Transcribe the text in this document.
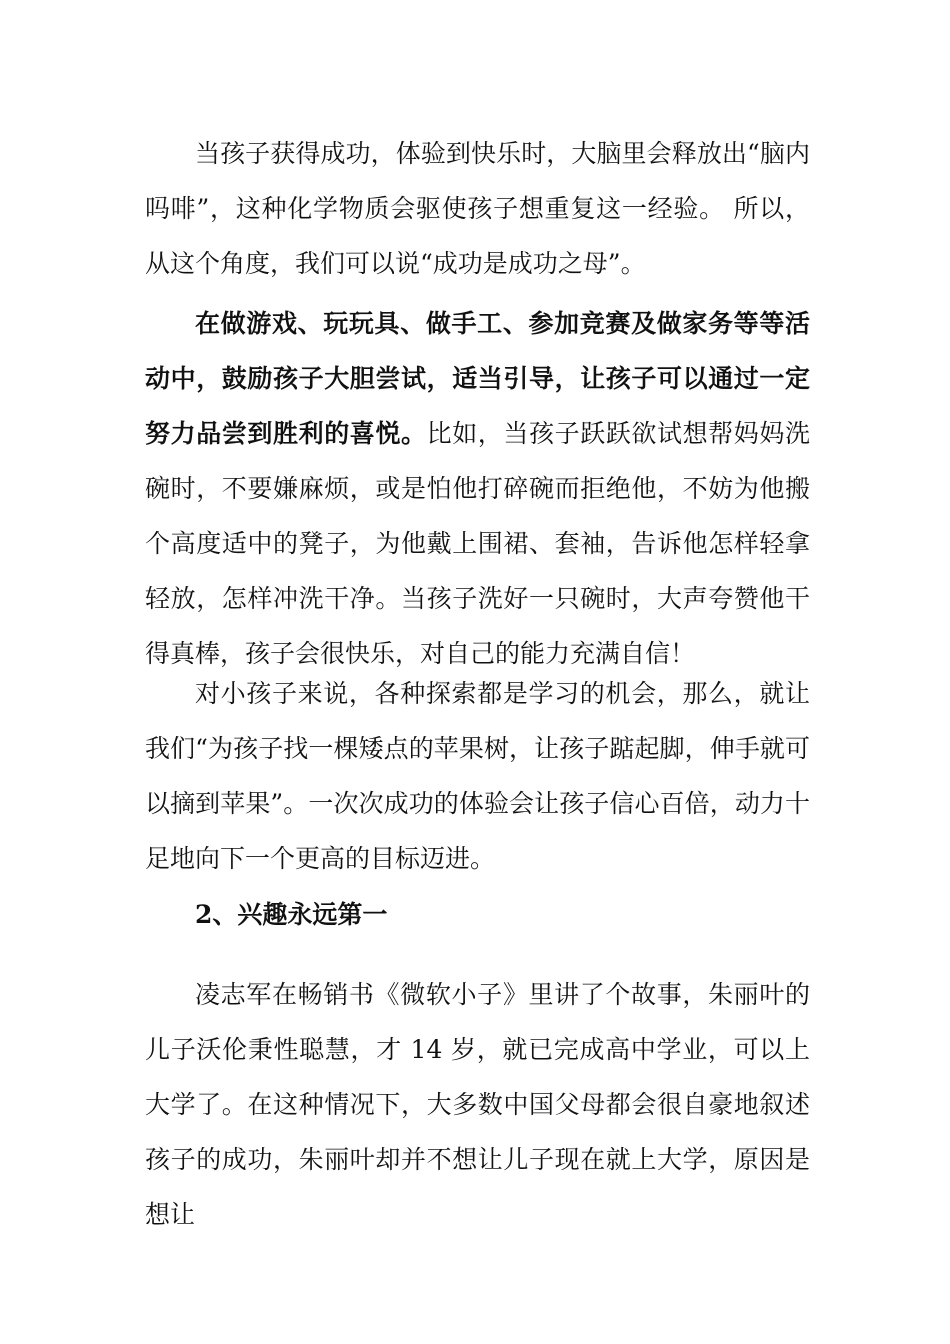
当孩子获得成功，体验到快乐时，大脑里会释放出“脑内吗啡”，这种化学物质会驱使孩子想重复这一经验。 所以，从这个角度，我们可以说“成功是成功之母”。

在做游戏、玩玩具、做手工、参加竞赛及做家务等等活动中，鼓励孩子大胆尝试，适当引导，让孩子可以通过一定努力品尝到胜利的喜悦。比如，当孩子跃跃欲试想帮妈妈洗碗时，不要嫌麻烦，或是怕他打碎碗而拒绝他，不妨为他搬个高度适中的凳子，为他戴上围裙、套袖，告诉他怎样轻拿轻放，怎样冲洗干净。当孩子洗好一只碗时，大声夸赞他干得真棒，孩子会很快乐，对自己的能力充满自信！

对小孩子来说，各种探索都是学习的机会，那么，就让我们“为孩子找一棵矮点的苹果树，让孩子踮起脚，伸手就可以摘到苹果”。一次次成功的体验会让孩子信心百倍，动力十足地向下一个更高的目标迈进。

2、兴趣永远第一

凌志军在畅销书《微软小子》里讲了个故事，朱丽叶的儿子沃伦秉性聪慧，才 14 岁，就已完成高中学业，可以上大学了。在这种情况下，大多数中国父母都会很自豪地叙述孩子的成功，朱丽叶却并不想让儿子现在就上大学，原因是想让
